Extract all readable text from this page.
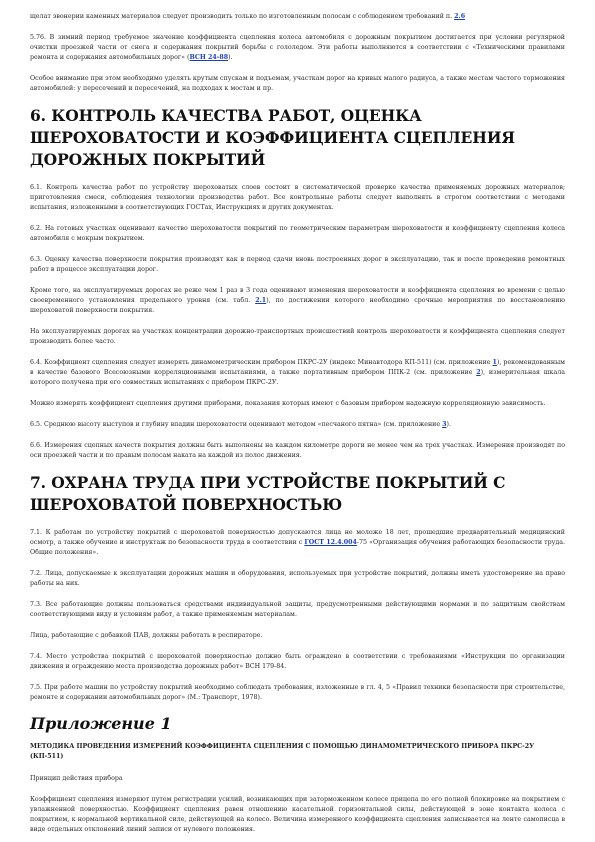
щелат эвонерии каменных материалов следует производить только по изготовленным полосам с соблюдением требований п. 2.6

5.76. В зимний период требуемое значение коэффициента сцепления колеса автомобиля с дорожным покрытием достигается при условии регулярной очистки проезжей части от снега и содержания покрытий борьбы с гололедом. Эти работы выполняются в соответствии с «Техническими правилами ремонта и содержания автомобильных дорог» (ВСН 24-88).

Особое внимание при этом необходимо уделять крутым спускам и подъемам, участкам дорог на кривых малого радиуса, а также местам частого торможения автомобилей: у пересечений и пересечений, на подходах к мостам и пр.

6. КОНТРОЛЬ КАЧЕСТВА РАБОТ, ОЦЕНКА ШЕРОХОВАТОСТИ И КОЭФФИЦИЕНТА СЦЕПЛЕНИЯ ДОРОЖНЫХ ПОКРЫТИЙ

6.1. Контроль качества работ по устройству шероховатых слоев состоит в систематической проверке качества применяемых дорожных материалов; приготовления смеси, соблюдения технологии производства работ. Все контрольные работы следует выполнять в строгом соответствии с методами испытания, изложенными в соответствующих ГОСТах, Инструкциях и других документах.

6.2. На готовых участках оценивают качество шероховатости покрытий по геометрическим параметрам шероховатости и коэффициенту сцепления колеса автомобиля с мокрым покрытием.

6.3. Оценку качества поверхности покрытия производят как в период сдачи вновь построенных дорог в эксплуатацию, так и после проведения ремонтных работ в процессе эксплуатации дорог.

Кроме того, на эксплуатируемых дорогах не реже чем 1 раз в 3 года оценивают изменения шероховатости и коэффициента сцепления во времени с целью своевременного установления предельного уровня (см. табл. 2.1), по достижении которого необходимо срочные мероприятия по восстановлению шероховатой поверхности покрытия.

На эксплуатируемых дорогах на участках концентрации дорожно-транспортных происшествий контроль шероховатости и коэффициента сцепления следует производить более часто.

6.4. Коэффициент сцепления следует измерять динамометрическим прибором ПКРС-2У (индекс Минавтодора КП-511) (см. приложение 1), рекомендованным в качестве базового Всесоюзными корреляционными испытаниями, а также портативным прибором ППК-2 (см. приложение 2), измерительная шкала которого получена при его совместных испытаниях с прибором ПКРС-2У.

Можно измерять коэффициент сцепления другими приборами, показания которых имеют с базовым прибором надежную корреляционную зависимость.

6.5. Среднюю высоту выступов и глубину впадин шероховатости оценивают методом «песчаного пятна» (см. приложение 3).

6.6. Измерения сцепных качеств покрытия должны быть выполнены на каждом километре дороги не менее чем на трех участках. Измерения производят по оси проезжей части и по правым полосам наката на каждой из полос движения.

7. ОХРАНА ТРУДА ПРИ УСТРОЙСТВЕ ПОКРЫТИЙ С ШЕРОХОВАТОЙ ПОВЕРХНОСТЬЮ

7.1. К работам по устройству покрытий с шероховатой поверхностью допускаются лица не моложе 18 лет, прошедшие предварительный медицинский осмотр, а также обучение и инструктаж по безопасности труда в соответствии с ГОСТ 12.4.004-75 «Организация обучения работающих безопасности труда. Общие положения».

7.2. Лица, допускаемые к эксплуатации дорожных машин и оборудования, используемых при устройстве покрытий, должны иметь удостоверение на право работы на них.

7.3. Все работающие должны пользоваться средствами индивидуальной защиты, предусмотренными действующими нормами и по защитным свойствам соответствующими виду и условиям работ, а также применяемым материалам.

Лица, работающие с добавкой ПАВ, должны работать в респираторе.

7.4. Место устройства покрытий с шероховатой поверхностью должно быть ограждено в соответствии с требованиями «Инструкции по организации движения и ограждению места производства дорожных работ» ВСН 179-84.

7.5. При работе машин по устройству покрытий необходимо соблюдать требования, изложенные в гл. 4, 5 «Правил техники безопасности при строительстве, ремонте и содержании автомобильных дорог» (М.: Транспорт, 1978).

Приложение 1
МЕТОДИКА ПРОВЕДЕНИЯ ИЗМЕРЕНИЙ КОЭФФИЦИЕНТА СЦЕПЛЕНИЯ С ПОМОЩЬЮ ДИНАМОМЕТРИЧЕСКОГО ПРИБОРА ПКРС-2У (КП-511)

Принцип действия прибора

Коэффициент сцепления измеряют путем регистрации усилий, возникающих при заторможенном колесе прицепа по его полной блокировке на покрытием с увлажненной поверхностью. Коэффициент сцепления равен отношению касательной горизонтальной силы, действующей в зоне контакта колеса с покрытием, к нормальной вертикальной силе, действующей на колесо. Величина измеренного коэффициента сцепления записывается на ленте самописца в виде отдельных отклонений линий записи от нулевого положения.
